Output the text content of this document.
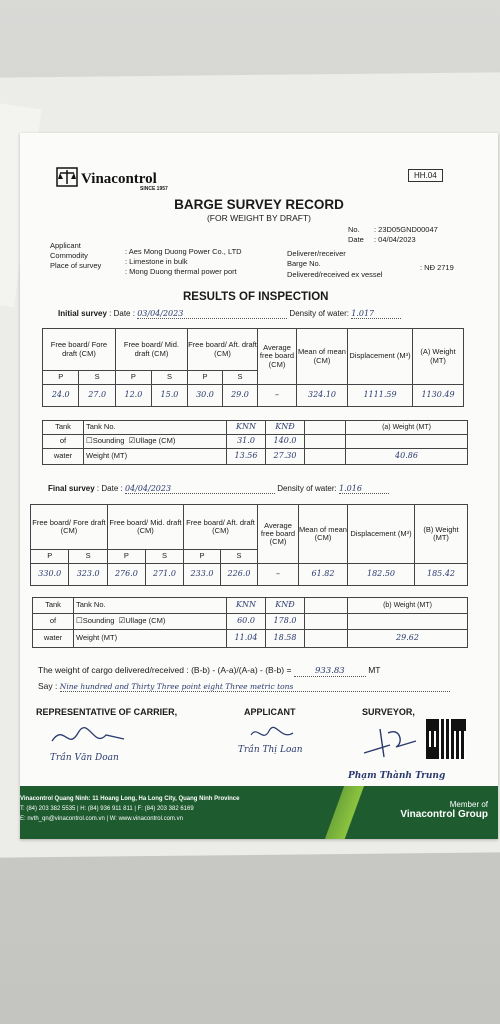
Vinacontrol
SINCE 1957
HH.04
BARGE SURVEY RECORD
(FOR WEIGHT BY DRAFT)
No. : 23D05GND00047
Date : 04/04/2023
Applicant
: Aes Mong Duong Power Co., LTD
Commodity
: Limestone in bulk
Place of survey
: Mong Duong thermal power port
Deliverer/receiver
Barge No.	: NĐ 2719
Delivered/received ex vessel
RESULTS OF INSPECTION
Initial survey : Date : 03/04/2023	Density of water: 1.017
Free board/ Fore draft (CM)		Free board/ Mid. draft (CM)		Free board/ Aft. draft (CM)		Average free board (CM)	Mean of mean (CM)	Displacement (M³)	(A) Weight (MT)
P	S	P	S	P	S				
24.0	27.0	12.0	15.0	30.0	29.0	–	324.10	1111.59	1130.49
Tank	Tank No.	KNN	KNĐ		(a) Weight (MT)
of	☐Sounding ☑Ullage (CM)	31.0	140.0		
water	Weight (MT)	13.56	27.30		40.86
Final survey : Date : 04/04/2023	Density of water: 1.016
Free board/ Fore draft (CM)		Free board/ Mid. draft (CM)		Free board/ Aft. draft (CM)		Average free board (CM)	Mean of mean (CM)	Displacement (M³)	(B) Weight (MT)
P	S	P	S	P	S				
330.0	323.0	276.0	271.0	233.0	226.0	–	61.82	182.50	185.42
Tank	Tank No.	KNN	KNĐ		(b) Weight (MT)
of	☐Sounding ☑Ullage (CM)	60.0	178.0		
water	Weight (MT)	11.04	18.58		29.62
The weight of cargo delivered/received : (B-b) - (A-a)/(A-a) - (B-b) =	933.83	MT
Say : Nine hundred and Thirty Three point eight Three metric tons
REPRESENTATIVE OF CARRIER,	APPLICANT	SURVEYOR,
Trần Văn Doan
Trần Thị Loan
Phạm Thành Trung
Vinacontrol Quang Ninh: 11 Hoang Long, Ha Long City, Quang Ninh Province
T: (84) 203 382 5535 | H: (84) 936 911 811 | F: (84) 203 382 6169
E: nvth_qn@vinacontrol.com.vn | W: www.vinacontrol.com.vn
Member of
Vinacontrol Group
